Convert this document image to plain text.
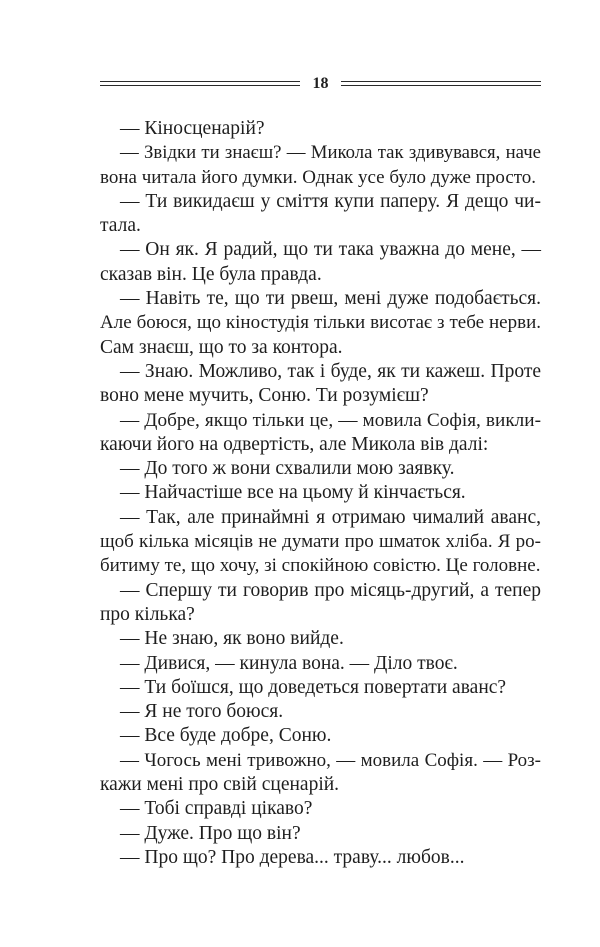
18
— Кіносценарій?
— Звідки ти знаєш? — Микола так здивувався, наче
вона читала його думки. Однак усе було дуже просто.
— Ти викидаєш у сміття купи паперу. Я дещо чи-
тала.
— Он як. Я радий, що ти така уважна до мене, —
сказав він. Це була правда.
— Навіть те, що ти рвеш, мені дуже подобається.
Але боюся, що кіностудія тільки висотає з тебе нерви.
Сам знаєш, що то за контора.
— Знаю. Можливо, так і буде, як ти кажеш. Проте
воно мене мучить, Соню. Ти розумієш?
— Добре, якщо тільки це, — мовила Софія, викли-
каючи його на одвертість, але Микола вів далі:
— До того ж вони схвалили мою заявку.
— Найчастіше все на цьому й кінчається.
— Так, але принаймні я отримаю чималий аванс,
щоб кілька місяців не думати про шматок хліба. Я ро-
битиму те, що хочу, зі спокійною совістю. Це головне.
— Спершу ти говорив про місяць-другий, а тепер
про кілька?
— Не знаю, як воно вийде.
— Дивися, — кинула вона. — Діло твоє.
— Ти боїшся, що доведеться повертати аванс?
— Я не того боюся.
— Все буде добре, Соню.
— Чогось мені тривожно, — мовила Софія. — Роз-
кажи мені про свій сценарій.
— Тобі справді цікаво?
— Дуже. Про що він?
— Про що? Про дерева... траву... любов...
